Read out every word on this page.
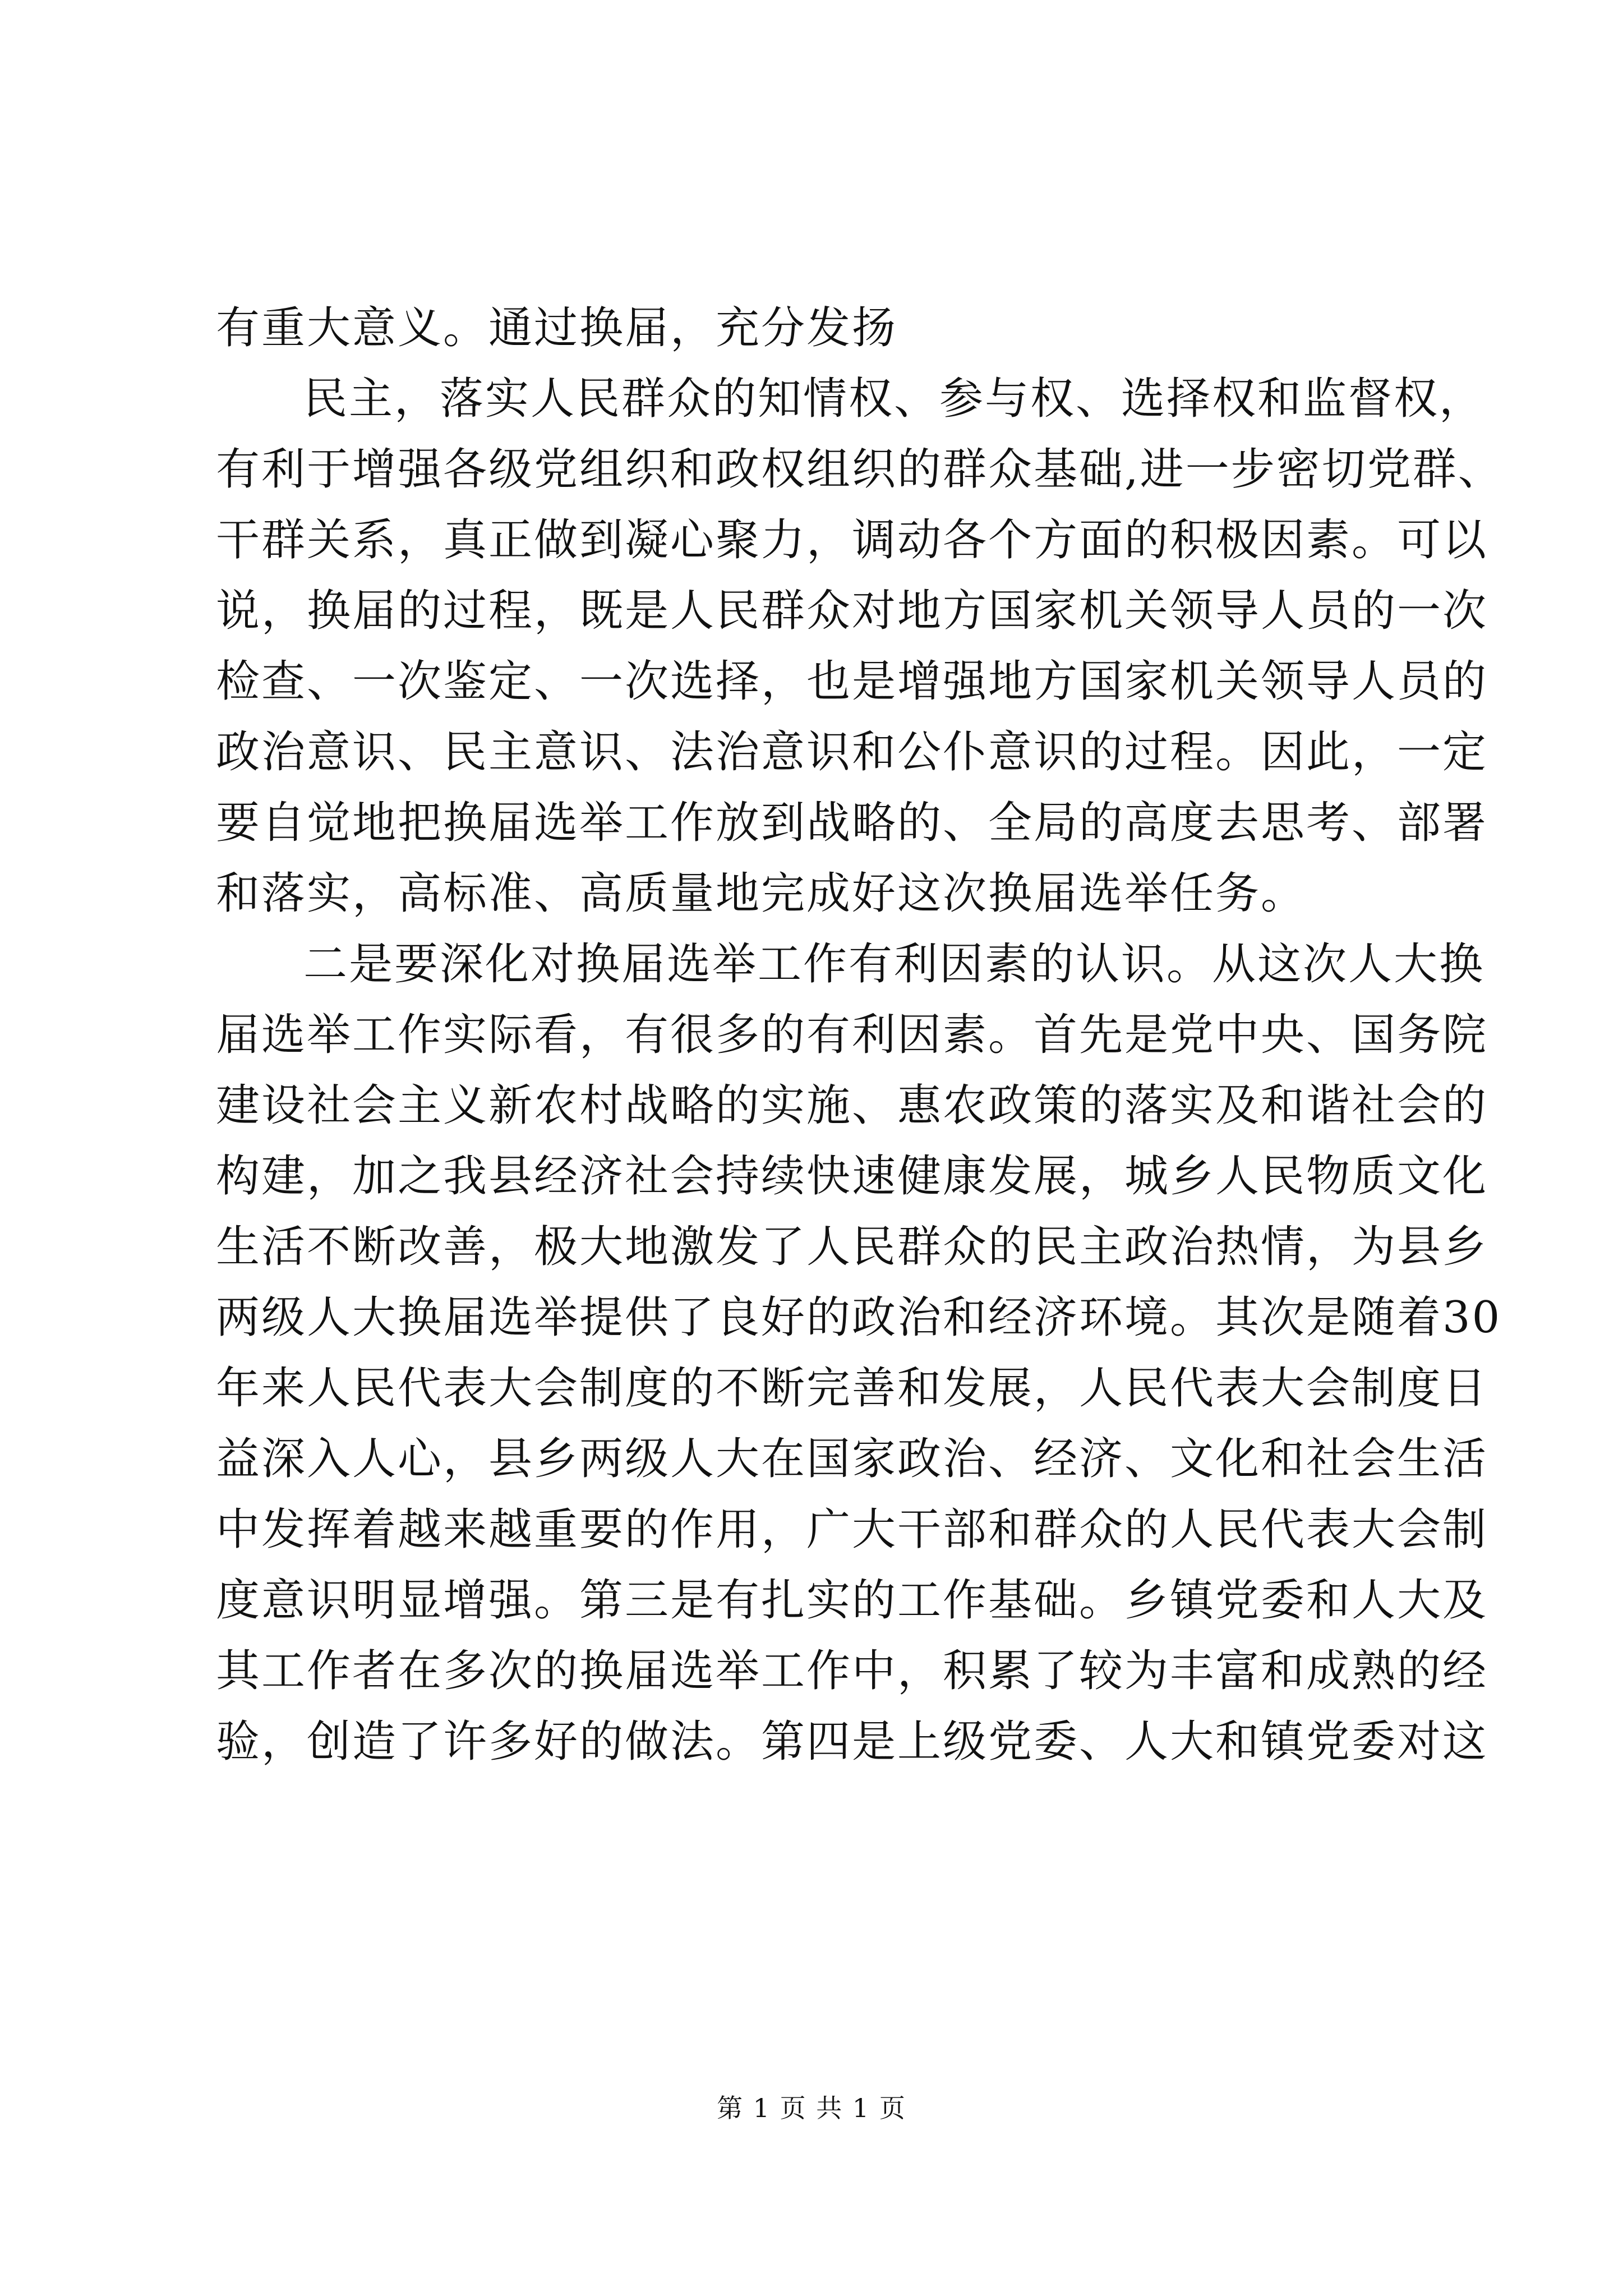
有重大意义。通过换届，充分发扬
民主，落实人民群众的知情权、参与权、选择权和监督权，
有利于增强各级党组织和政权组织的群众基础,进一步密切党群、
干群关系，真正做到凝心聚力，调动各个方面的积极因素。可以
说，换届的过程，既是人民群众对地方国家机关领导人员的一次
检查、一次鉴定、一次选择，也是增强地方国家机关领导人员的
政治意识、民主意识、法治意识和公仆意识的过程。因此，一定
要自觉地把换届选举工作放到战略的、全局的高度去思考、部署
和落实，高标准、高质量地完成好这次换届选举任务。
二是要深化对换届选举工作有利因素的认识。从这次人大换
届选举工作实际看，有很多的有利因素。首先是党中央、国务院
建设社会主义新农村战略的实施、惠农政策的落实及和谐社会的
构建，加之我县经济社会持续快速健康发展，城乡人民物质文化
生活不断改善，极大地激发了人民群众的民主政治热情，为县乡
两级人大换届选举提供了良好的政治和经济环境。其次是随着30
年来人民代表大会制度的不断完善和发展，人民代表大会制度日
益深入人心，县乡两级人大在国家政治、经济、文化和社会生活
中发挥着越来越重要的作用，广大干部和群众的人民代表大会制
度意识明显增强。第三是有扎实的工作基础。乡镇党委和人大及
其工作者在多次的换届选举工作中，积累了较为丰富和成熟的经
验，创造了许多好的做法。第四是上级党委、人大和镇党委对这
第 1 页 共 1 页
